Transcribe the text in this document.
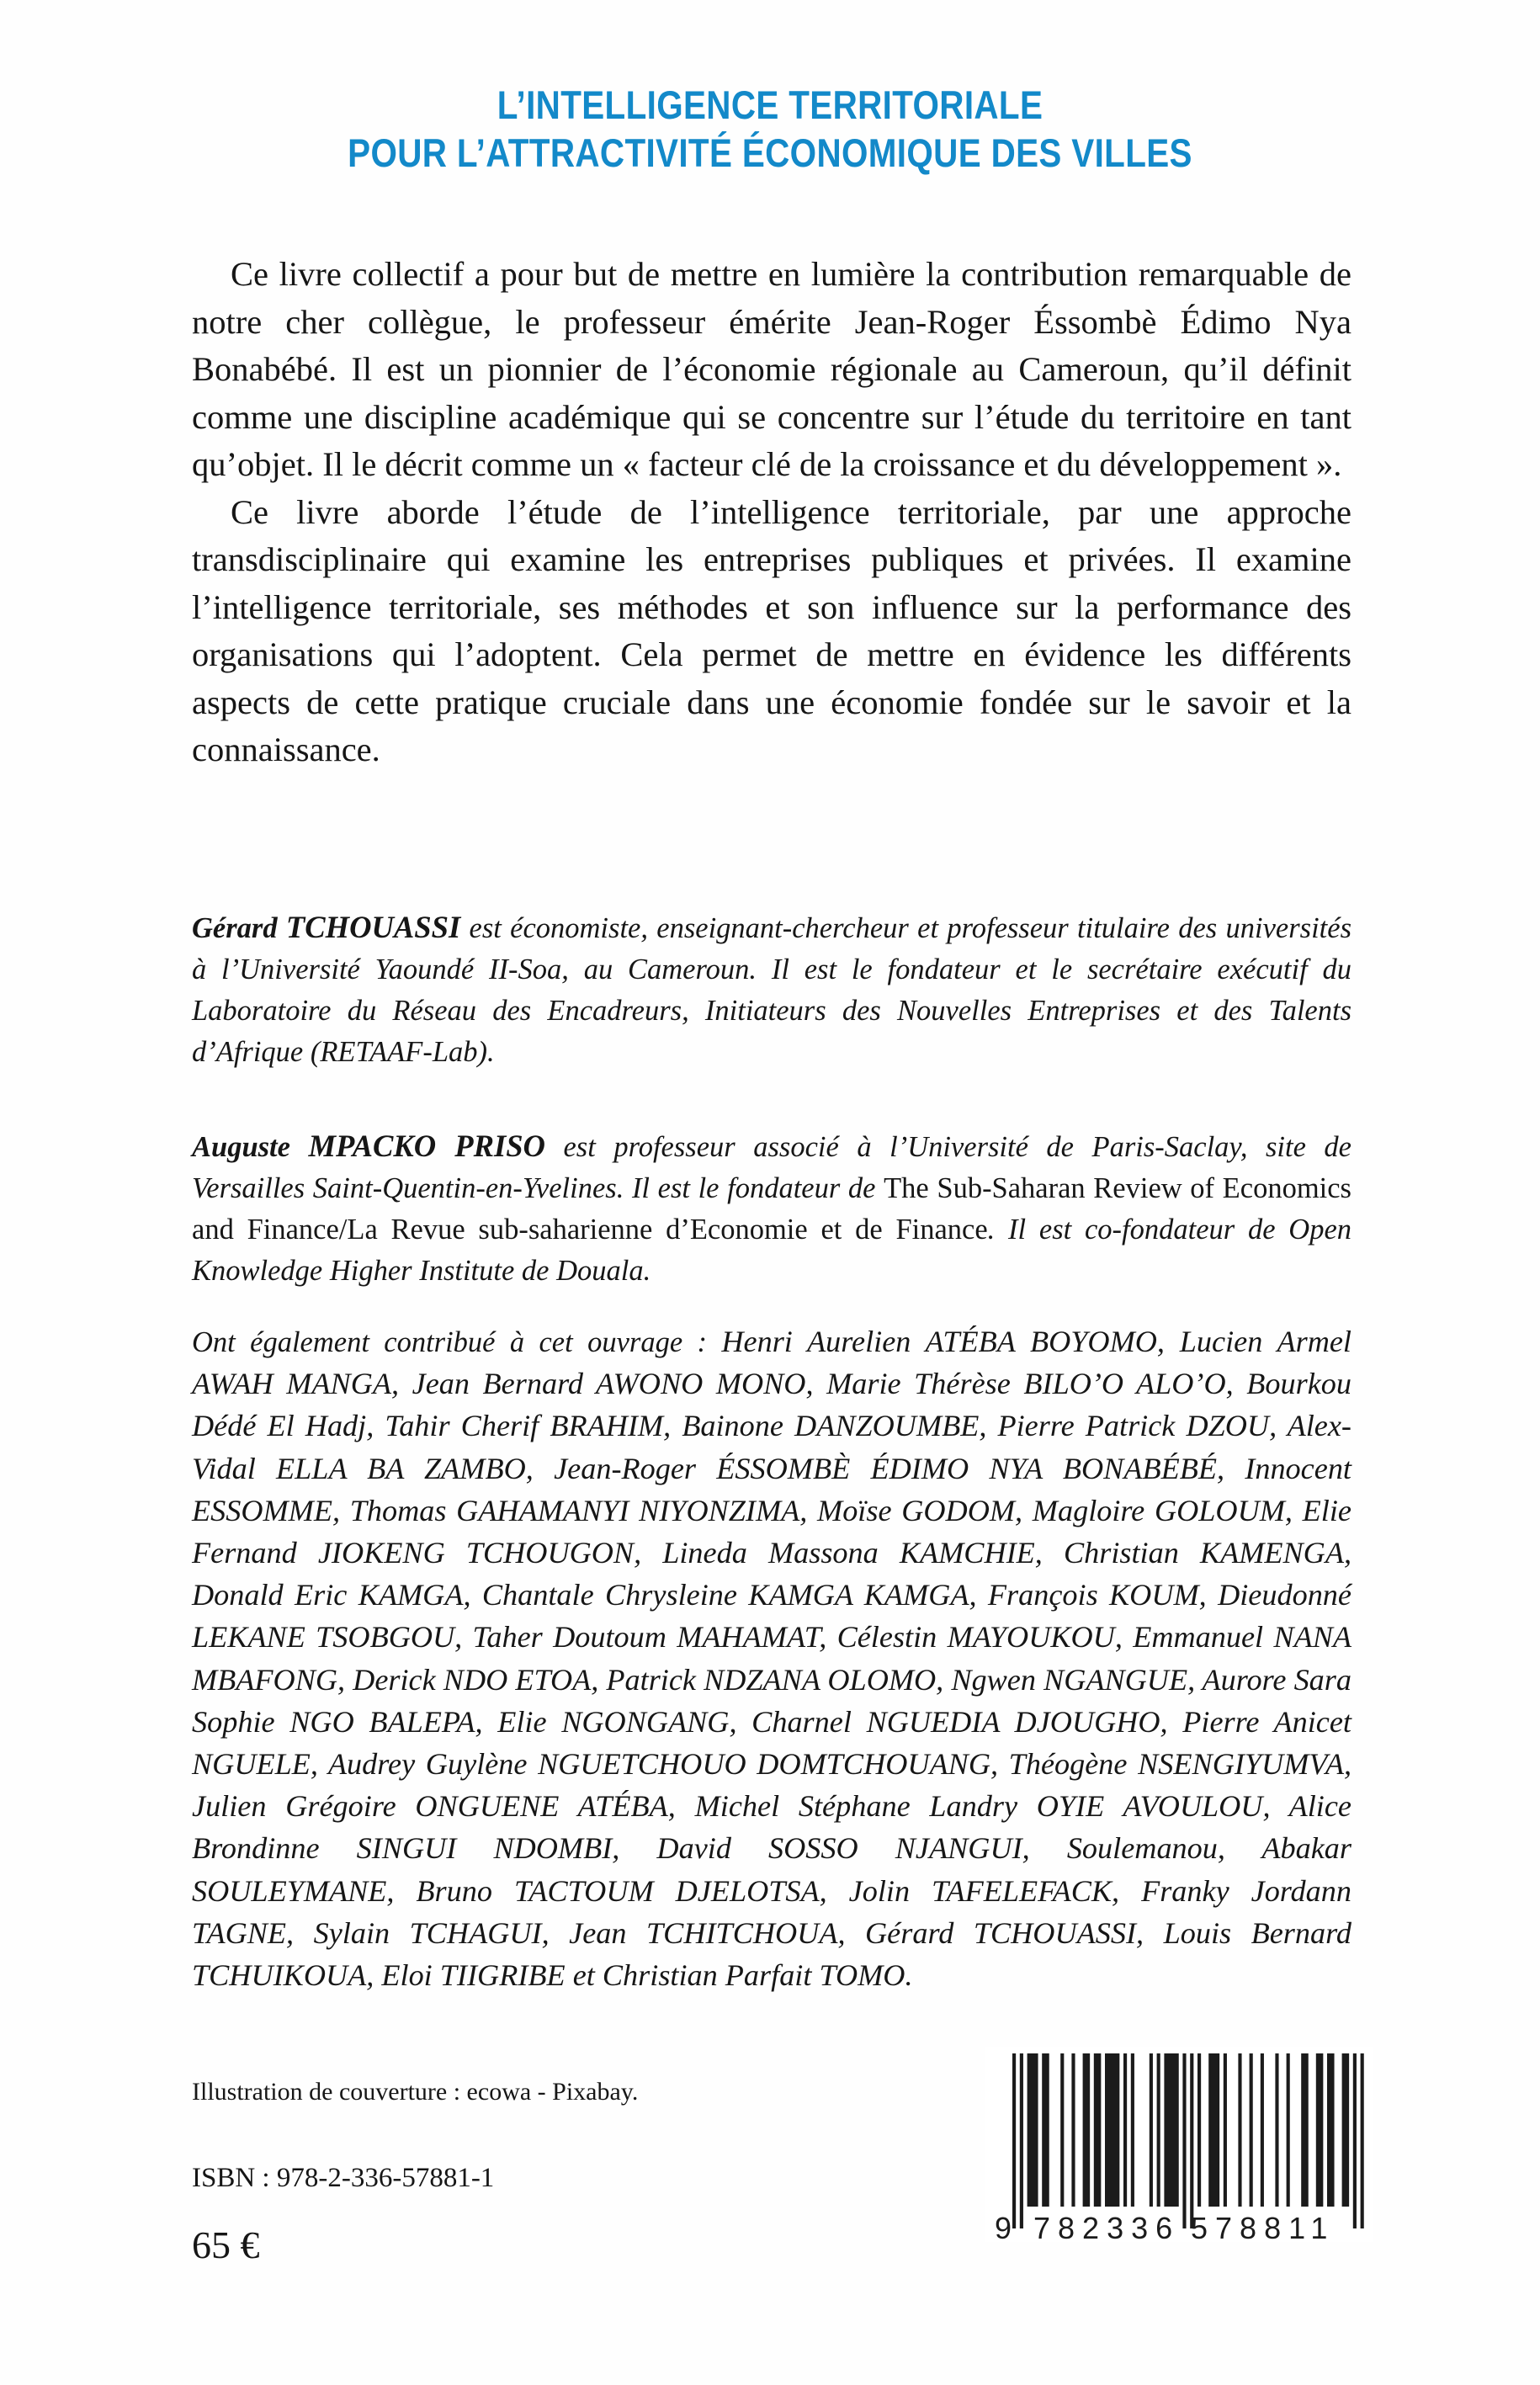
L’INTELLIGENCE TERRITORIALE
POUR L’ATTRACTIVITÉ ÉCONOMIQUE DES VILLES

Ce livre collectif a pour but de mettre en lumière la contribution remarquable de notre cher collègue, le professeur émérite Jean-Roger Éssombè Édimo Nya Bonabébé. Il est un pionnier de l’économie régionale au Cameroun, qu’il définit comme une discipline académique qui se concentre sur l’étude du territoire en tant qu’objet. Il le décrit comme un « facteur clé de la croissance et du développement ».

Ce livre aborde l’étude de l’intelligence territoriale, par une approche transdisciplinaire qui examine les entreprises publiques et privées. Il examine l’intelligence territoriale, ses méthodes et son influence sur la performance des organisations qui l’adoptent. Cela permet de mettre en évidence les différents aspects de cette pratique cruciale dans une économie fondée sur le savoir et la connaissance.

Gérard TCHOUASSI est économiste, enseignant-chercheur et professeur titulaire des universités à l’Université Yaoundé II-Soa, au Cameroun. Il est le fondateur et le secrétaire exécutif du Laboratoire du Réseau des Encadreurs, Initiateurs des Nouvelles Entreprises et des Talents d’Afrique (RETAAF-Lab).

Auguste MPACKO PRISO est professeur associé à l’Université de Paris-Saclay, site de Versailles Saint-Quentin-en-Yvelines. Il est le fondateur de The Sub-Saharan Review of Economics and Finance/La Revue sub-saharienne d’Economie et de Finance. Il est co-fondateur de Open Knowledge Higher Institute de Douala.

Ont également contribué à cet ouvrage : Henri Aurelien ATÉBA BOYOMO, Lucien Armel AWAH MANGA, Jean Bernard AWONO MONO, Marie Thérèse BILO’O ALO’O, Bourkou Dédé El Hadj, Tahir Cherif BRAHIM, Bainone DANZOUMBE, Pierre Patrick DZOU, Alex-Vidal ELLA BA ZAMBO, Jean-Roger ÉSSOMBÈ ÉDIMO NYA BONABÉBÉ, Innocent ESSOMME, Thomas GAHAMANYI NIYONZIMA, Moïse GODOM, Magloire GOLOUM, Elie Fernand JIOKENG TCHOUGON, Lineda Massona KAMCHIE, Christian KAMENGA, Donald Eric KAMGA, Chantale Chrysleine KAMGA KAMGA, François KOUM, Dieudonné LEKANE TSOBGOU, Taher Doutoum MAHAMAT, Célestin MAYOUKOU, Emmanuel NANA MBAFONG, Derick NDO ETOA, Patrick NDZANA OLOMO, Ngwen NGANGUE, Aurore Sara Sophie NGO BALEPA, Elie NGONGANG, Charnel NGUEDIA DJOUGHO, Pierre Anicet NGUELE, Audrey Guylène NGUETCHOUO DOMTCHOUANG, Théogène NSENGIYUMVA, Julien Grégoire ONGUENE ATÉBA, Michel Stéphane Landry OYIE AVOULOU, Alice Brondinne SINGUI NDOMBI, David SOSSO NJANGUI, Soulemanou, Abakar SOULEYMANE, Bruno TACTOUM DJELOTSA, Jolin TAFELEFACK, Franky Jordann TAGNE, Sylain TCHAGUI, Jean TCHITCHOUA, Gérard TCHOUASSI, Louis Bernard TCHUIKOUA, Eloi TIIGRIBE et Christian Parfait TOMO.

Illustration de couverture : ecowa - Pixabay.

ISBN : 978-2-336-57881-1

65 €	9 782336 578811
